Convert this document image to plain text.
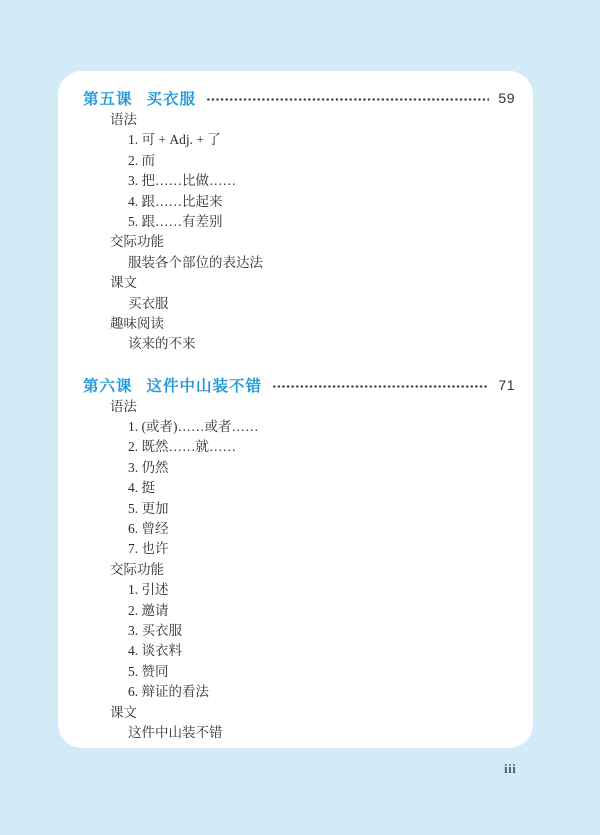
第五课 买衣服	59
语法
1. 可 + Adj. + 了
2. 而
3. 把……比做……
4. 跟……比起来
5. 跟……有差别
交际功能
服装各个部位的表达法
课文
买衣服
趣味阅读
该来的不来
第六课 这件中山装不错	71
语法
1. (或者)……或者……
2. 既然……就……
3. 仍然
4. 挺
5. 更加
6. 曾经
7. 也许
交际功能
1. 引述
2. 邀请
3. 买衣服
4. 谈衣料
5. 赞同
6. 辩证的看法
课文
这件中山装不错
iii
